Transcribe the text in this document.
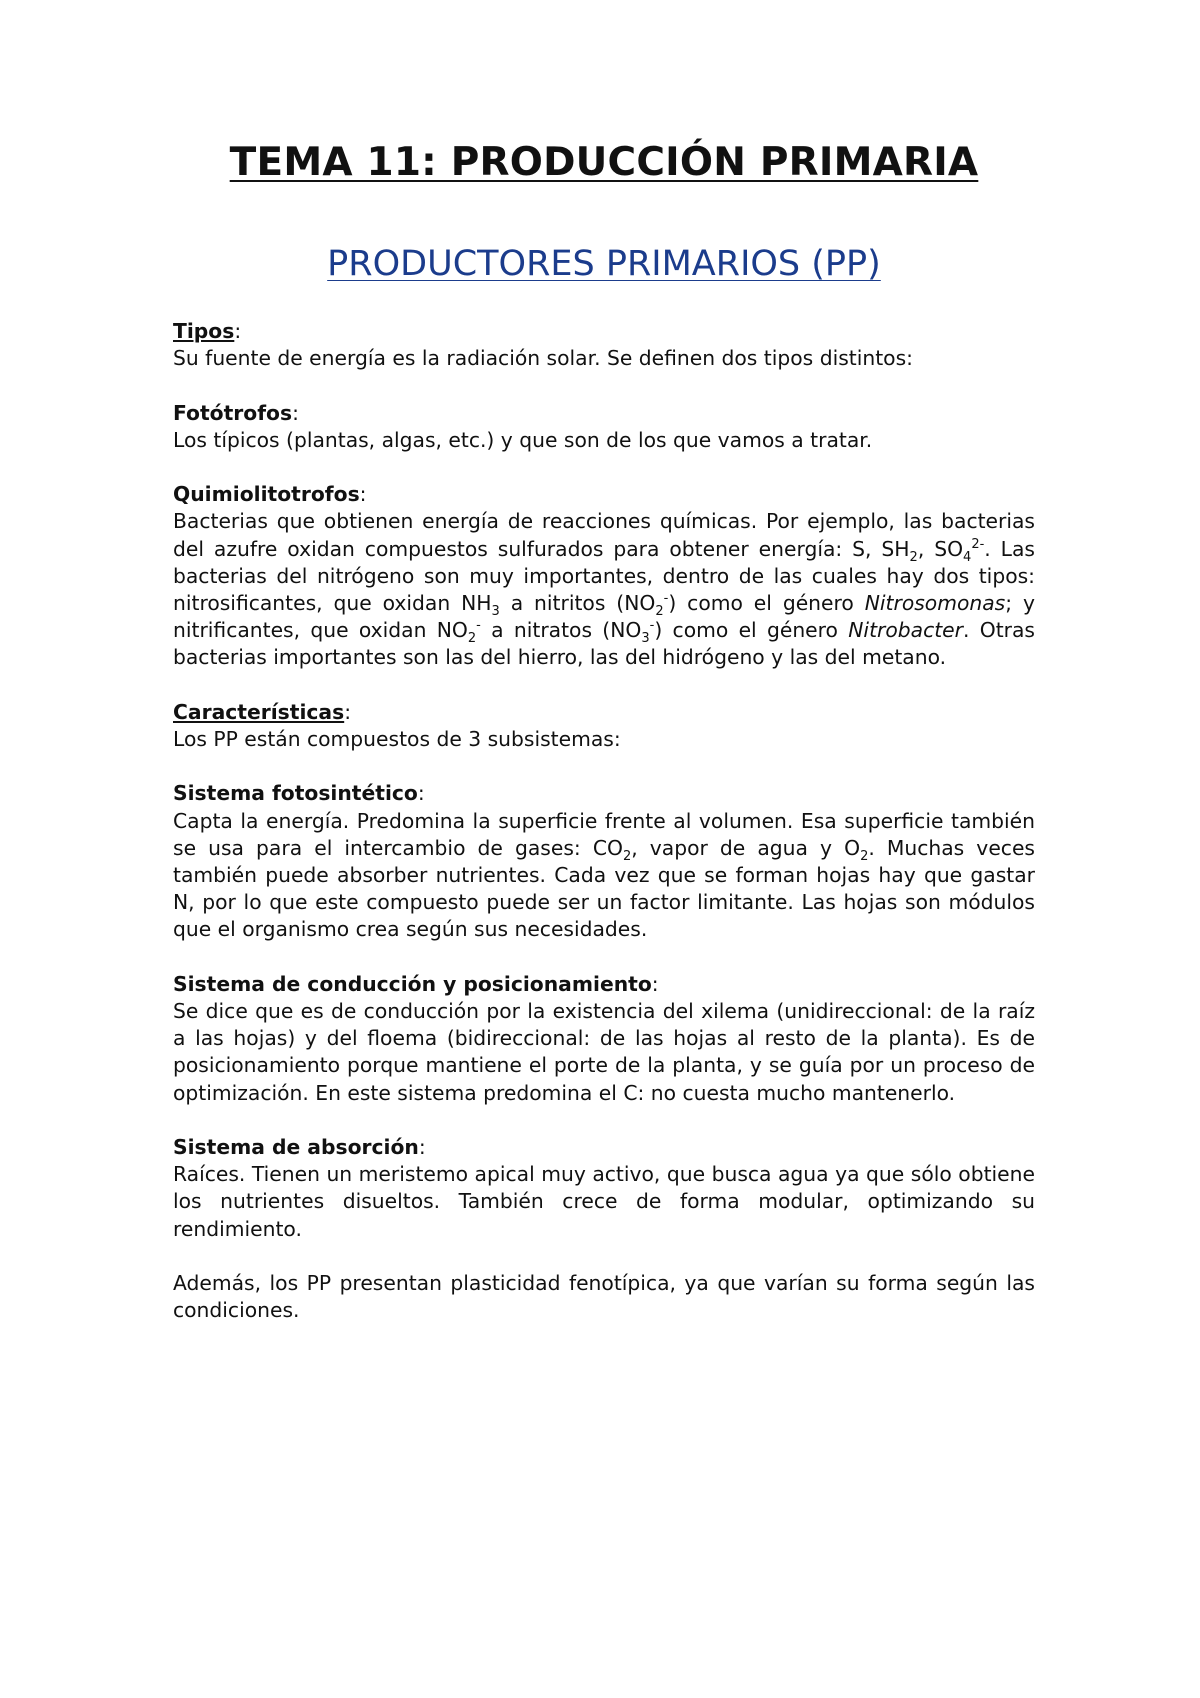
TEMA 11: PRODUCCIÓN PRIMARIA
PRODUCTORES PRIMARIOS (PP)

Tipos:

Su fuente de energía es la radiación solar. Se definen dos tipos distintos:

Fotótrofos:

Los típicos (plantas, algas, etc.) y que son de los que vamos a tratar.

Quimiolitotrofos:

Bacterias que obtienen energía de reacciones químicas. Por ejemplo, las bacterias del azufre oxidan compuestos sulfurados para obtener energía: S, $SH_2$, $SO_4^{2-}$. Las bacterias del nitrógeno son muy importantes, dentro de las cuales hay dos tipos: nitrosificantes, que oxidan $NH_3$ a nitritos $(NO_2^-)$ como el género Nitrosomonas; y nitrificantes, que oxidan $NO_2^-$ a nitratos $(NO_3^-)$ como el género Nitrobacter. Otras bacterias importantes son las del hierro, las del hidrógeno y las del metano.

Características:

Los PP están compuestos de 3 subsistemas:

Sistema fotosintético:

Capta la energía. Predomina la superficie frente al volumen. Esa superficie también se usa para el intercambio de gases: $CO_2$, vapor de agua y $O_2$. Muchas veces también puede absorber nutrientes. Cada vez que se forman hojas hay que gastar N, por lo que este compuesto puede ser un factor limitante. Las hojas son módulos que el organismo crea según sus necesidades.

Sistema de conducción y posicionamiento:

Se dice que es de conducción por la existencia del xilema (unidireccional: de la raíz a las hojas) y del floema (bidireccional: de las hojas al resto de la planta). Es de posicionamiento porque mantiene el porte de la planta, y se guía por un proceso de optimización. En este sistema predomina el C: no cuesta mucho mantenerlo.

Sistema de absorción:

Raíces. Tienen un meristemo apical muy activo, que busca agua ya que sólo obtiene los nutrientes disueltos. También crece de forma modular, optimizando su rendimiento.

Además, los PP presentan plasticidad fenotípica, ya que varían su forma según las condiciones.
